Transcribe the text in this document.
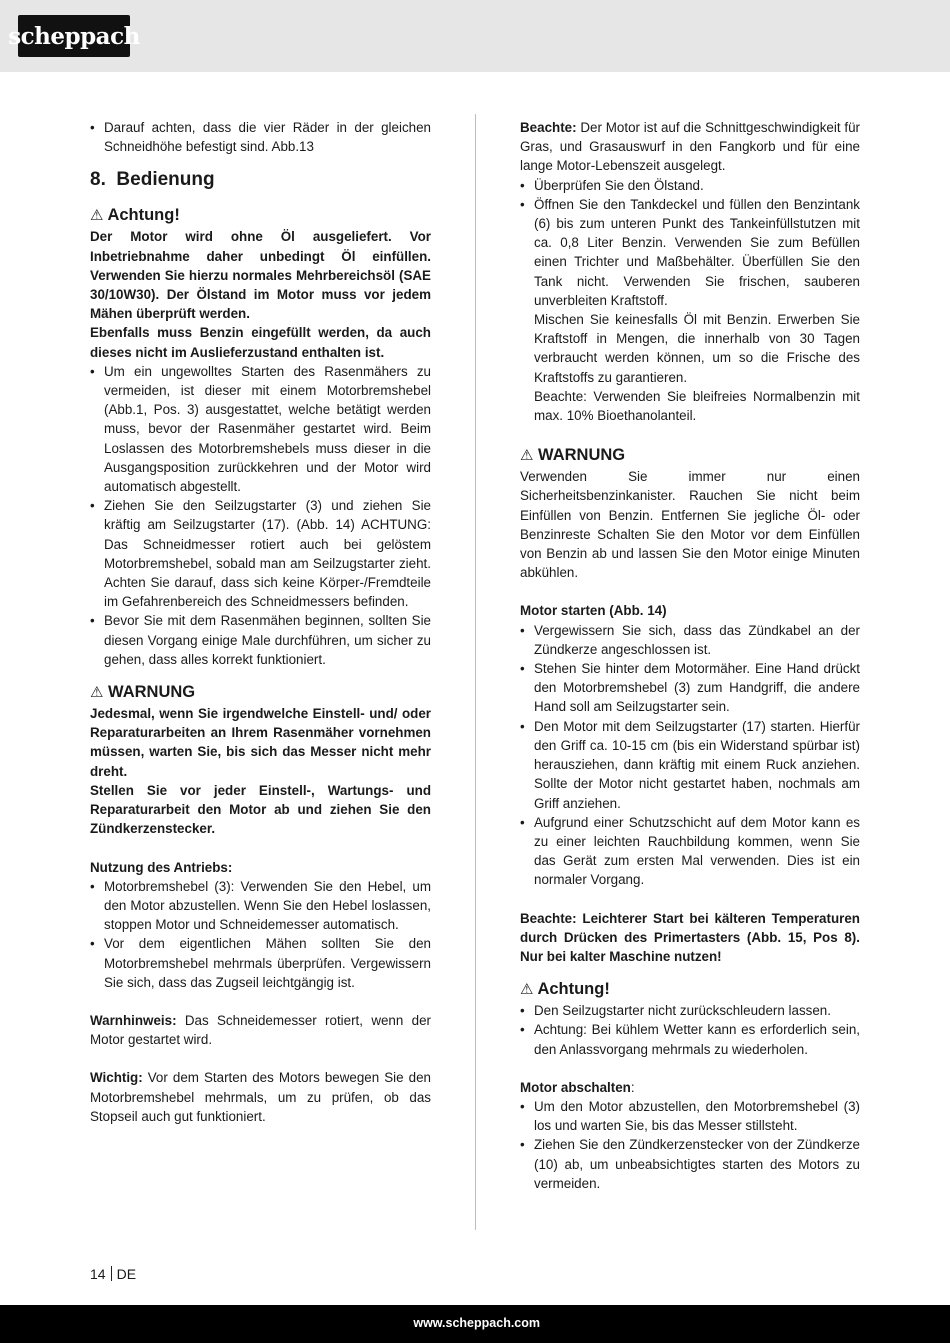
scheppach
• Darauf achten, dass die vier Räder in der gleichen Schneidhöhe befestigt sind. Abb.13
8. Bedienung
⚠ Achtung!

Der Motor wird ohne Öl ausgeliefert. Vor Inbetriebnahme daher unbedingt Öl einfüllen. Verwenden Sie hierzu normales Mehrbereichsöl (SAE 30/10W30). Der Ölstand im Motor muss vor jedem Mähen überprüft werden.

Ebenfalls muss Benzin eingefüllt werden, da auch dieses nicht im Auslieferzustand enthalten ist.

• Um ein ungewolltes Starten des Rasenmähers zu vermeiden, ist dieser mit einem Motorbremshebel (Abb.1, Pos. 3) ausgestattet, welche betätigt werden muss, bevor der Rasenmäher gestartet wird. Beim Loslassen des Motorbremshebels muss dieser in die Ausgangsposition zurückkehren und der Motor wird automatisch abgestellt.
• Ziehen Sie den Seilzugstarter (3) und ziehen Sie kräftig am Seilzugstarter (17). (Abb. 14) ACHTUNG: Das Schneidmesser rotiert auch bei gelöstem Motorbremshebel, sobald man am Seilzugstarter zieht. Achten Sie darauf, dass sich keine Körper-/Fremdteile im Gefahrenbereich des Schneidmessers befinden.
• Bevor Sie mit dem Rasenmähen beginnen, sollten Sie diesen Vorgang einige Male durchführen, um sicher zu gehen, dass alles korrekt funktioniert.
⚠ WARNUNG

Jedesmal, wenn Sie irgendwelche Einstell- und/ oder Reparaturarbeiten an Ihrem Rasenmäher vornehmen müssen, warten Sie, bis sich das Messer nicht mehr dreht.

Stellen Sie vor jeder Einstell-, Wartungs- und Reparaturarbeit den Motor ab und ziehen Sie den Zündkerzenstecker.

Nutzung des Antriebs:

• Motorbremshebel (3): Verwenden Sie den Hebel, um den Motor abzustellen. Wenn Sie den Hebel loslassen, stoppen Motor und Schneidemesser automatisch.
• Vor dem eigentlichen Mähen sollten Sie den Motorbremshebel mehrmals überprüfen. Vergewissern Sie sich, dass das Zugseil leichtgängig ist.

Warnhinweis: Das Schneidemesser rotiert, wenn der Motor gestartet wird.

Wichtig: Vor dem Starten des Motors bewegen Sie den Motorbremshebel mehrmals, um zu prüfen, ob das Stopseil auch gut funktioniert.

Beachte: Der Motor ist auf die Schnittgeschwindigkeit für Gras, und Grasauswurf in den Fangkorb und für eine lange Motor-Lebenszeit ausgelegt.

• Überprüfen Sie den Ölstand.
• Öffnen Sie den Tankdeckel und füllen den Benzintank (6) bis zum unteren Punkt des Tankeinfüllstutzen mit ca. 0,8 Liter Benzin. Verwenden Sie zum Befüllen einen Trichter und Maßbehälter. Überfüllen Sie den Tank nicht. Verwenden Sie frischen, sauberen unverbleiten Kraftstoff.

Mischen Sie keinesfalls Öl mit Benzin. Erwerben Sie Kraftstoff in Mengen, die innerhalb von 30 Tagen verbraucht werden können, um so die Frische des Kraftstoffs zu garantieren.

Beachte: Verwenden Sie bleifreies Normalbenzin mit max. 10% Bioethanolanteil.

⚠ WARNUNG

Verwenden Sie immer nur einen Sicherheitsbenzinkanister. Rauchen Sie nicht beim Einfüllen von Benzin. Entfernen Sie jegliche Öl- oder Benzinreste Schalten Sie den Motor vor dem Einfüllen von Benzin ab und lassen Sie den Motor einige Minuten abkühlen.

Motor starten (Abb. 14)

• Vergewissern Sie sich, dass das Zündkabel an der Zündkerze angeschlossen ist.
• Stehen Sie hinter dem Motormäher. Eine Hand drückt den Motorbremshebel (3) zum Handgriff, die andere Hand soll am Seilzugstarter sein.
• Den Motor mit dem Seilzugstarter (17) starten. Hierfür den Griff ca. 10-15 cm (bis ein Widerstand spürbar ist) herausziehen, dann kräftig mit einem Ruck anziehen. Sollte der Motor nicht gestartet haben, nochmals am Griff anziehen.
• Aufgrund einer Schutzschicht auf dem Motor kann es zu einer leichten Rauchbildung kommen, wenn Sie das Gerät zum ersten Mal verwenden. Dies ist ein normaler Vorgang.

Beachte: Leichterer Start bei kälteren Temperaturen durch Drücken des Primertasters (Abb. 15, Pos 8). Nur bei kalter Maschine nutzen!

⚠ Achtung!
• Den Seilzugstarter nicht zurückschleudern lassen.
• Achtung: Bei kühlem Wetter kann es erforderlich sein, den Anlassvorgang mehrmals zu wiederholen.

Motor abschalten:

• Um den Motor abzustellen, den Motorbremshebel (3) los und warten Sie, bis das Messer stillsteht.
• Ziehen Sie den Zündkerzenstecker von der Zündkerze (10) ab, um unbeabsichtigtes starten des Motors zu vermeiden.
14 DE
www.scheppach.com
